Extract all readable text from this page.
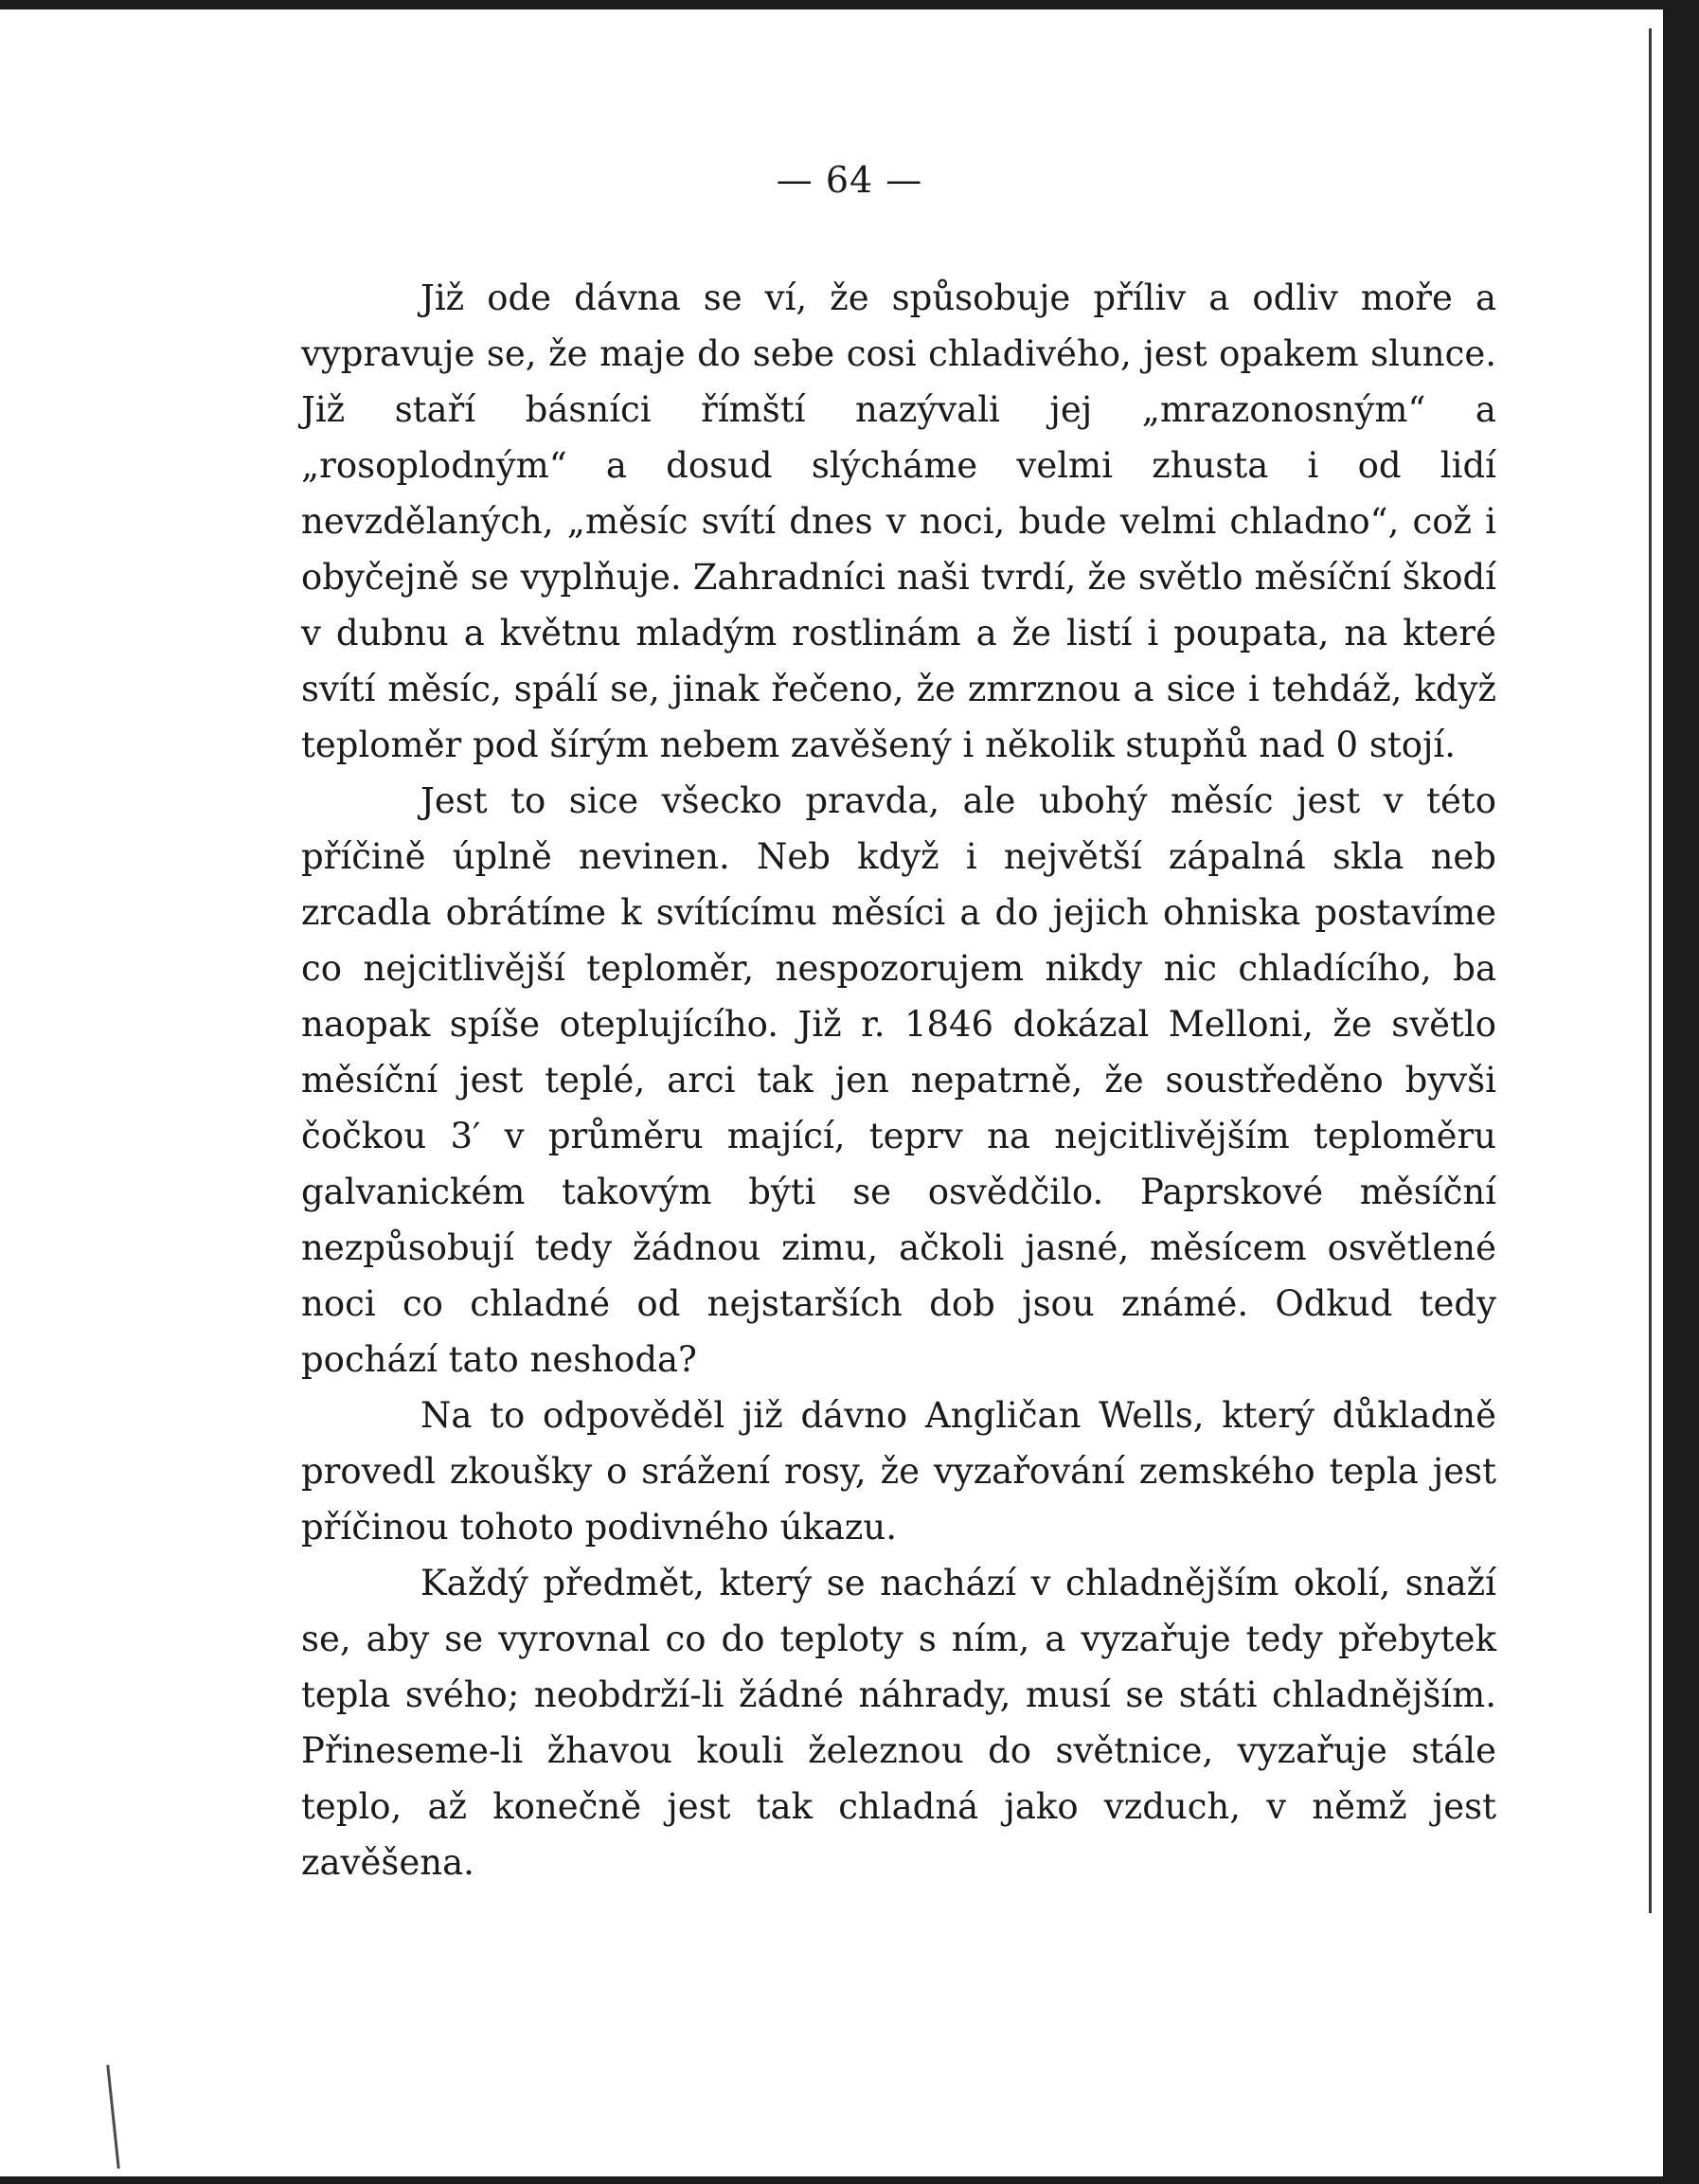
— 64 —

Již ode dávna se ví, že spůsobuje příliv a odliv moře a vypravuje se, že maje do sebe cosi chladivého, jest opakem slunce. Již staří básníci římští nazývali jej „mrazonosným“ a „rosoplodným“ a dosud slýcháme velmi zhusta i od lidí nevzdělaných, „měsíc svítí dnes v noci, bude velmi chladno“, což i obyčejně se vyplňuje. Zahradníci naši tvrdí, že světlo měsíční škodí v dubnu a květnu mladým rostlinám a že listí i poupata, na které svítí měsíc, spálí se, jinak řečeno, že zmrznou a sice i tehdáž, když teploměr pod šírým nebem zavěšený i několik stupňů nad 0 stojí.

Jest to sice všecko pravda, ale ubohý měsíc jest v této příčině úplně nevinen. Neb když i největší zápalná skla neb zrcadla obrátíme k svítícímu měsíci a do jejich ohniska postavíme co nejcitlivější teploměr, nespozorujem nikdy nic chladícího, ba naopak spíše oteplujícího. Již r. 1846 dokázal Melloni, že světlo měsíční jest teplé, arci tak jen nepatrně, že soustředěno byvši čočkou 3′ v průměru mající, teprv na nejcitlivějším teploměru galvanickém takovým býti se osvědčilo. Paprskové měsíční nezpůsobují tedy žádnou zimu, ačkoli jasné, měsícem osvětlené noci co chladné od nejstarších dob jsou známé. Odkud tedy pochází tato neshoda?

Na to odpověděl již dávno Angličan Wells, který důkladně provedl zkoušky o srážení rosy, že vyzařování zemského tepla jest příčinou tohoto podivného úkazu.

Každý předmět, který se nachází v chladnějším okolí, snaží se, aby se vyrovnal co do teploty s ním, a vyzařuje tedy přebytek tepla svého; neobdrží-li žádné náhrady, musí se státi chladnějším. Přineseme-li žhavou kouli železnou do světnice, vyzařuje stále teplo, až konečně jest tak chladná jako vzduch, v němž jest zavěšena.
